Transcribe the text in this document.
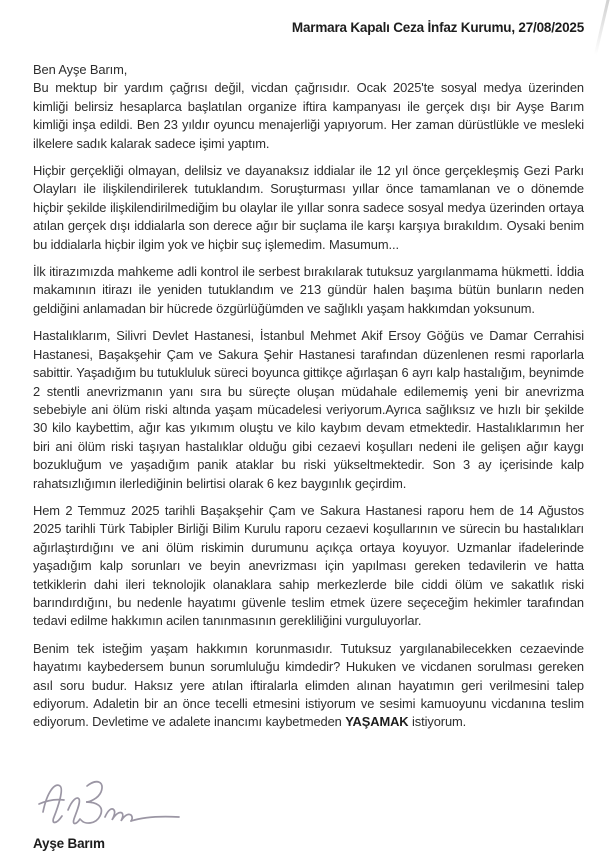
Marmara Kapalı Ceza İnfaz Kurumu, 27/08/2025

Ben Ayşe Barım,
Bu mektup bir yardım çağrısı değil, vicdan çağrısıdır. Ocak 2025'te sosyal medya üzerinden kimliği belirsiz hesaplarca başlatılan organize iftira kampanyası ile gerçek dışı bir Ayşe Barım kimliği inşa edildi. Ben 23 yıldır oyuncu menajerliği yapıyorum. Her zaman dürüstlükle ve mesleki ilkelere sadık kalarak sadece işimi yaptım.

Hiçbir gerçekliği olmayan, delilsiz ve dayanaksız iddialar ile 12 yıl önce gerçekleşmiş Gezi Parkı Olayları ile ilişkilendirilerek tutuklandım. Soruşturması yıllar önce tamamlanan ve o dönemde hiçbir şekilde ilişkilendirilmediğim bu olaylar ile yıllar sonra sadece sosyal medya üzerinden ortaya atılan gerçek dışı iddialarla son derece ağır bir suçlama ile karşı karşıya bırakıldım. Oysaki benim bu iddialarla hiçbir ilgim yok ve hiçbir suç işlemedim. Masumum...

İlk itirazımızda mahkeme adli kontrol ile serbest bırakılarak tutuksuz yargılanmama hükmetti. İddia makamının itirazı ile yeniden tutuklandım ve 213 gündür halen başıma bütün bunların neden geldiğini anlamadan bir hücrede özgürlüğümden ve sağlıklı yaşam hakkımdan yoksunum.

Hastalıklarım, Silivri Devlet Hastanesi, İstanbul Mehmet Akif Ersoy Göğüs ve Damar Cerrahisi Hastanesi, Başakşehir Çam ve Sakura Şehir Hastanesi tarafından düzenlenen resmi raporlarla sabittir. Yaşadığım bu tutukluluk süreci boyunca gittikçe ağırlaşan 6 ayrı kalp hastalığım, beynimde 2 stentli anevrizmanın yanı sıra bu süreçte oluşan müdahale edilememiş yeni bir anevrizma sebebiyle ani ölüm riski altında yaşam mücadelesi veriyorum.Ayrıca sağlıksız ve hızlı bir şekilde 30 kilo kaybettim, ağır kas yıkımım oluştu ve kilo kaybım devam etmektedir. Hastalıklarımın her biri ani ölüm riski taşıyan hastalıklar olduğu gibi cezaevi koşulları nedeni ile gelişen ağır kaygı bozukluğum ve yaşadığım panik ataklar bu riski yükseltmektedir. Son 3 ay içerisinde kalp rahatsızlığımın ilerlediğinin belirtisi olarak 6 kez baygınlık geçirdim.

Hem 2 Temmuz 2025 tarihli Başakşehir Çam ve Sakura Hastanesi raporu hem de 14 Ağustos 2025 tarihli Türk Tabipler Birliği Bilim Kurulu raporu cezaevi koşullarının ve sürecin bu hastalıkları ağırlaştırdığını ve ani ölüm riskimin durumunu açıkça ortaya koyuyor. Uzmanlar ifadelerinde yaşadığım kalp sorunları ve beyin anevrizması için yapılması gereken tedavilerin ve hatta tetkiklerin dahi ileri teknolojik olanaklara sahip merkezlerde bile ciddi ölüm ve sakatlık riski barındırdığını, bu nedenle hayatımı güvenle teslim etmek üzere seçeceğim hekimler tarafından tedavi edilme hakkımın acilen tanınmasının gerekliliğini vurguluyorlar.

Benim tek isteğim yaşam hakkımın korunmasıdır. Tutuksuz yargılanabilecekken cezaevinde hayatımı kaybedersem bunun sorumluluğu kimdedir? Hukuken ve vicdanen sorulması gereken asıl soru budur. Haksız yere atılan iftiralarla elimden alınan hayatımın geri verilmesini talep ediyorum. Adaletin bir an önce tecelli etmesini istiyorum ve sesimi kamuoyunu vicdanına teslim ediyorum. Devletime ve adalete inancımı kaybetmeden YAŞAMAK istiyorum.

Ayşe Barım
